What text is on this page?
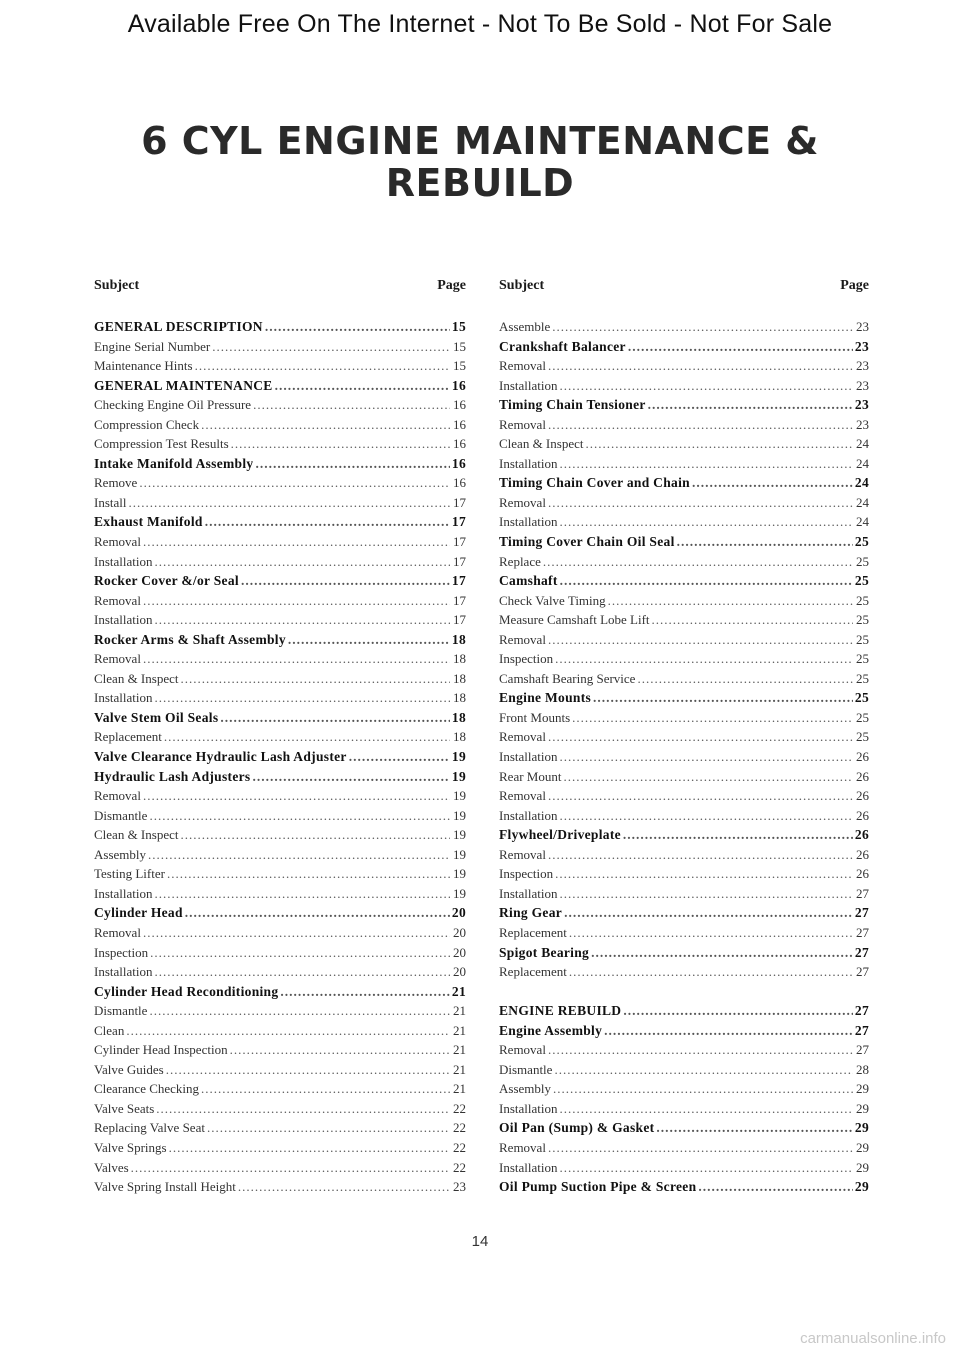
Available Free On The Internet - Not To Be Sold - Not For Sale
6 CYL ENGINE MAINTENANCE &
REBUILD
Subject	Page
GENERAL DESCRIPTION .....	15
Engine Serial Number .....	15
Maintenance Hints .....	15
GENERAL MAINTENANCE .....	16
Checking Engine Oil Pressure .....	16
Compression Check .....	16
Compression Test Results .....	16
Intake Manifold Assembly .....	16
Remove .....	16
Install .....	17
Exhaust Manifold .....	17
Removal .....	17
Installation .....	17
Rocker Cover &/or Seal .....	17
Removal .....	17
Installation .....	17
Rocker Arms & Shaft Assembly .....	18
Removal .....	18
Clean & Inspect .....	18
Installation .....	18
Valve Stem Oil Seals .....	18
Replacement .....	18
Valve Clearance Hydraulic Lash Adjuster .....	19
Hydraulic Lash Adjusters .....	19
Removal .....	19
Dismantle .....	19
Clean & Inspect .....	19
Assembly .....	19
Testing Lifter .....	19
Installation .....	19
Cylinder Head .....	20
Removal .....	20
Inspection .....	20
Installation .....	20
Cylinder Head Reconditioning .....	21
Dismantle .....	21
Clean .....	21
Cylinder Head Inspection .....	21
Valve Guides .....	21
Clearance Checking .....	21
Valve Seats .....	22
Replacing Valve Seat .....	22
Valve Springs .....	22
Valves .....	22
Valve Spring Install Height .....	23
Subject	Page
Assemble .....	23
Crankshaft Balancer .....	23
Removal .....	23
Installation .....	23
Timing Chain Tensioner .....	23
Removal .....	23
Clean & Inspect .....	24
Installation .....	24
Timing Chain Cover and Chain .....	24
Removal .....	24
Installation .....	24
Timing Cover Chain Oil Seal .....	25
Replace .....	25
Camshaft .....	25
Check Valve Timing .....	25
Measure Camshaft Lobe Lift .....	25
Removal .....	25
Inspection .....	25
Camshaft Bearing Service .....	25
Engine Mounts .....	25
Front Mounts .....	25
Removal .....	25
Installation .....	26
Rear Mount .....	26
Removal .....	26
Installation .....	26
Flywheel/Driveplate .....	26
Removal .....	26
Inspection .....	26
Installation .....	27
Ring Gear .....	27
Replacement .....	27
Spigot Bearing .....	27
Replacement .....	27
ENGINE REBUILD .....	27
Engine Assembly .....	27
Removal .....	27
Dismantle .....	28
Assembly .....	29
Installation .....	29
Oil Pan (Sump) & Gasket .....	29
Removal .....	29
Installation .....	29
Oil Pump Suction Pipe & Screen .....	29
14
carmanualsonline.info
